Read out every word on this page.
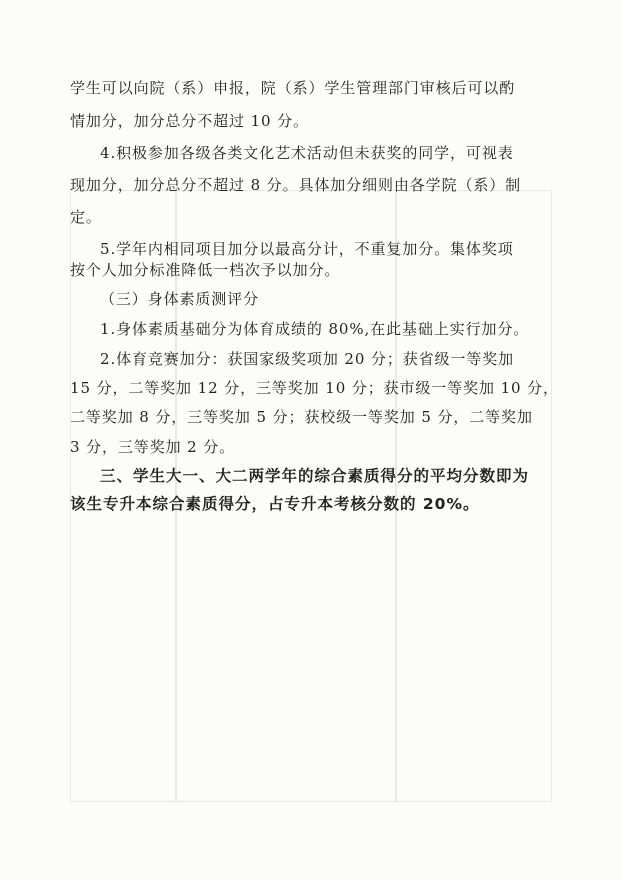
学生可以向院（系）申报，院（系）学生管理部门审核后可以酌
情加分，加分总分不超过 10 分。
4.积极参加各级各类文化艺术活动但未获奖的同学，可视表
现加分，加分总分不超过 8 分。具体加分细则由各学院（系）制
定。
5.学年内相同项目加分以最高分计，不重复加分。集体奖项
按个人加分标准降低一档次予以加分。
（三）身体素质测评分
1.身体素质基础分为体育成绩的 80%,在此基础上实行加分。
2.体育竞赛加分：获国家级奖项加 20 分；获省级一等奖加
15 分，二等奖加 12 分，三等奖加 10 分；获市级一等奖加 10 分，
二等奖加 8 分，三等奖加 5 分；获校级一等奖加 5 分，二等奖加
3 分，三等奖加 2 分。
三、学生大一、大二两学年的综合素质得分的平均分数即为
该生专升本综合素质得分，占专升本考核分数的 20%。
